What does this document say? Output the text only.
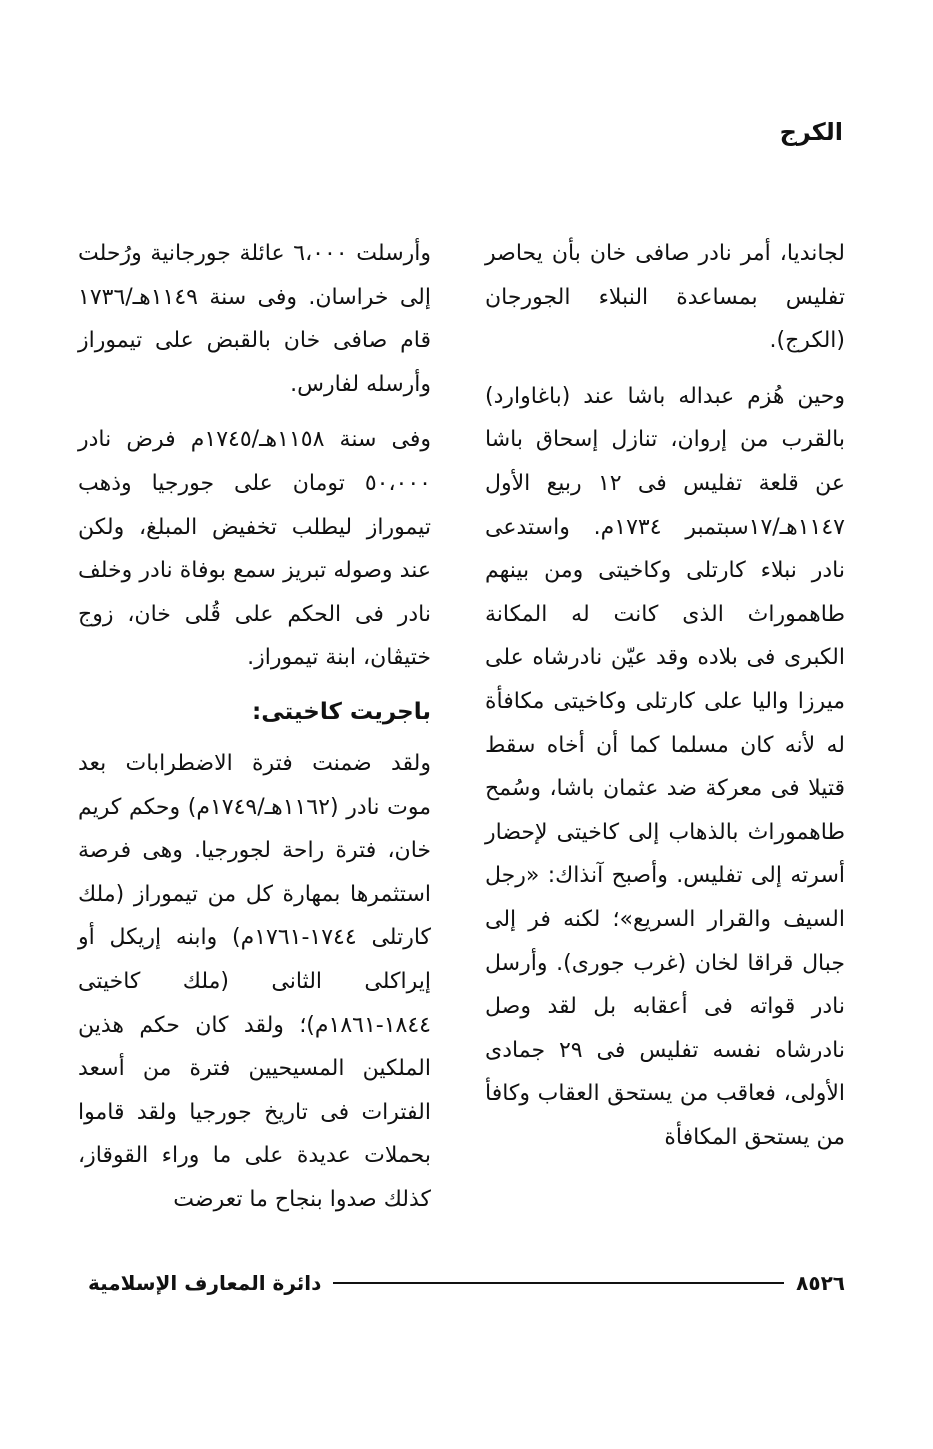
الكرج

لجانديا، أمر نادر صافى خان بأن يحاصر تفليس بمساعدة النبلاء الجورجان (الكرج).

وحين هُزم عبداله باشا عند (باغاوارد) بالقرب من إروان، تنازل إسحاق باشا عن قلعة تفليس فى ١٢ ربيع الأول ١١٤٧هـ/١٧سبتمبر ١٧٣٤م. واستدعى نادر نبلاء كارتلى وكاخيتى ومن بينهم طاهموراث الذى كانت له المكانة الكبرى فى بلاده وقد عيّن نادرشاه على ميرزا واليا على كارتلى وكاخيتى مكافأة له لأنه كان مسلما كما أن أخاه سقط قتيلا فى معركة ضد عثمان باشا، وسُمح طاهموراث بالذهاب إلى كاخيتى لإحضار أسرته إلى تفليس. وأصبح آنذاك: «رجل السيف والقرار السريع»؛ لكنه فر إلى جبال قراقا لخان (غرب جورى). وأرسل نادر قواته فى أعقابه بل لقد وصل نادرشاه نفسه تفليس فى ٢٩ جمادى الأولى، فعاقب من يستحق العقاب وكافأ من يستحق المكافأة

وأرسلت ٦،٠٠٠ عائلة جورجانية ورُحلت إلى خراسان. وفى سنة ١١٤٩هـ/١٧٣٦ قام صافى خان بالقبض على تيموراز وأرسله لفارس.

وفى سنة ١١٥٨هـ/١٧٤٥م فرض نادر ٥٠،٠٠٠ تومان على جورجيا وذهب تيموراز ليطلب تخفيض المبلغ، ولكن عند وصوله تبريز سمع بوفاة نادر وخلف نادر فى الحكم على قُلى خان، زوج ختيڤان، ابنة تيموراز.

باجريت كاخيتى:

ولقد ضمنت فترة الاضطرابات بعد موت نادر (١١٦٢هـ/١٧٤٩م) وحكم كريم خان، فترة راحة لجورجيا. وهى فرصة استثمرها بمهارة كل من تيموراز (ملك كارتلى ١٧٤٤-١٧٦١م) وابنه إريكل أو إيراكلى الثانى (ملك كاخيتى ١٨٤٤-١٨٦١م)؛ ولقد كان حكم هذين الملكين المسيحيين فترة من أسعد الفترات فى تاريخ جورجيا ولقد قاموا بحملات عديدة على ما وراء القوقاز، كذلك صدوا بنجاح ما تعرضت

دائرة المعارف الإسلامية	٨٥٢٦
